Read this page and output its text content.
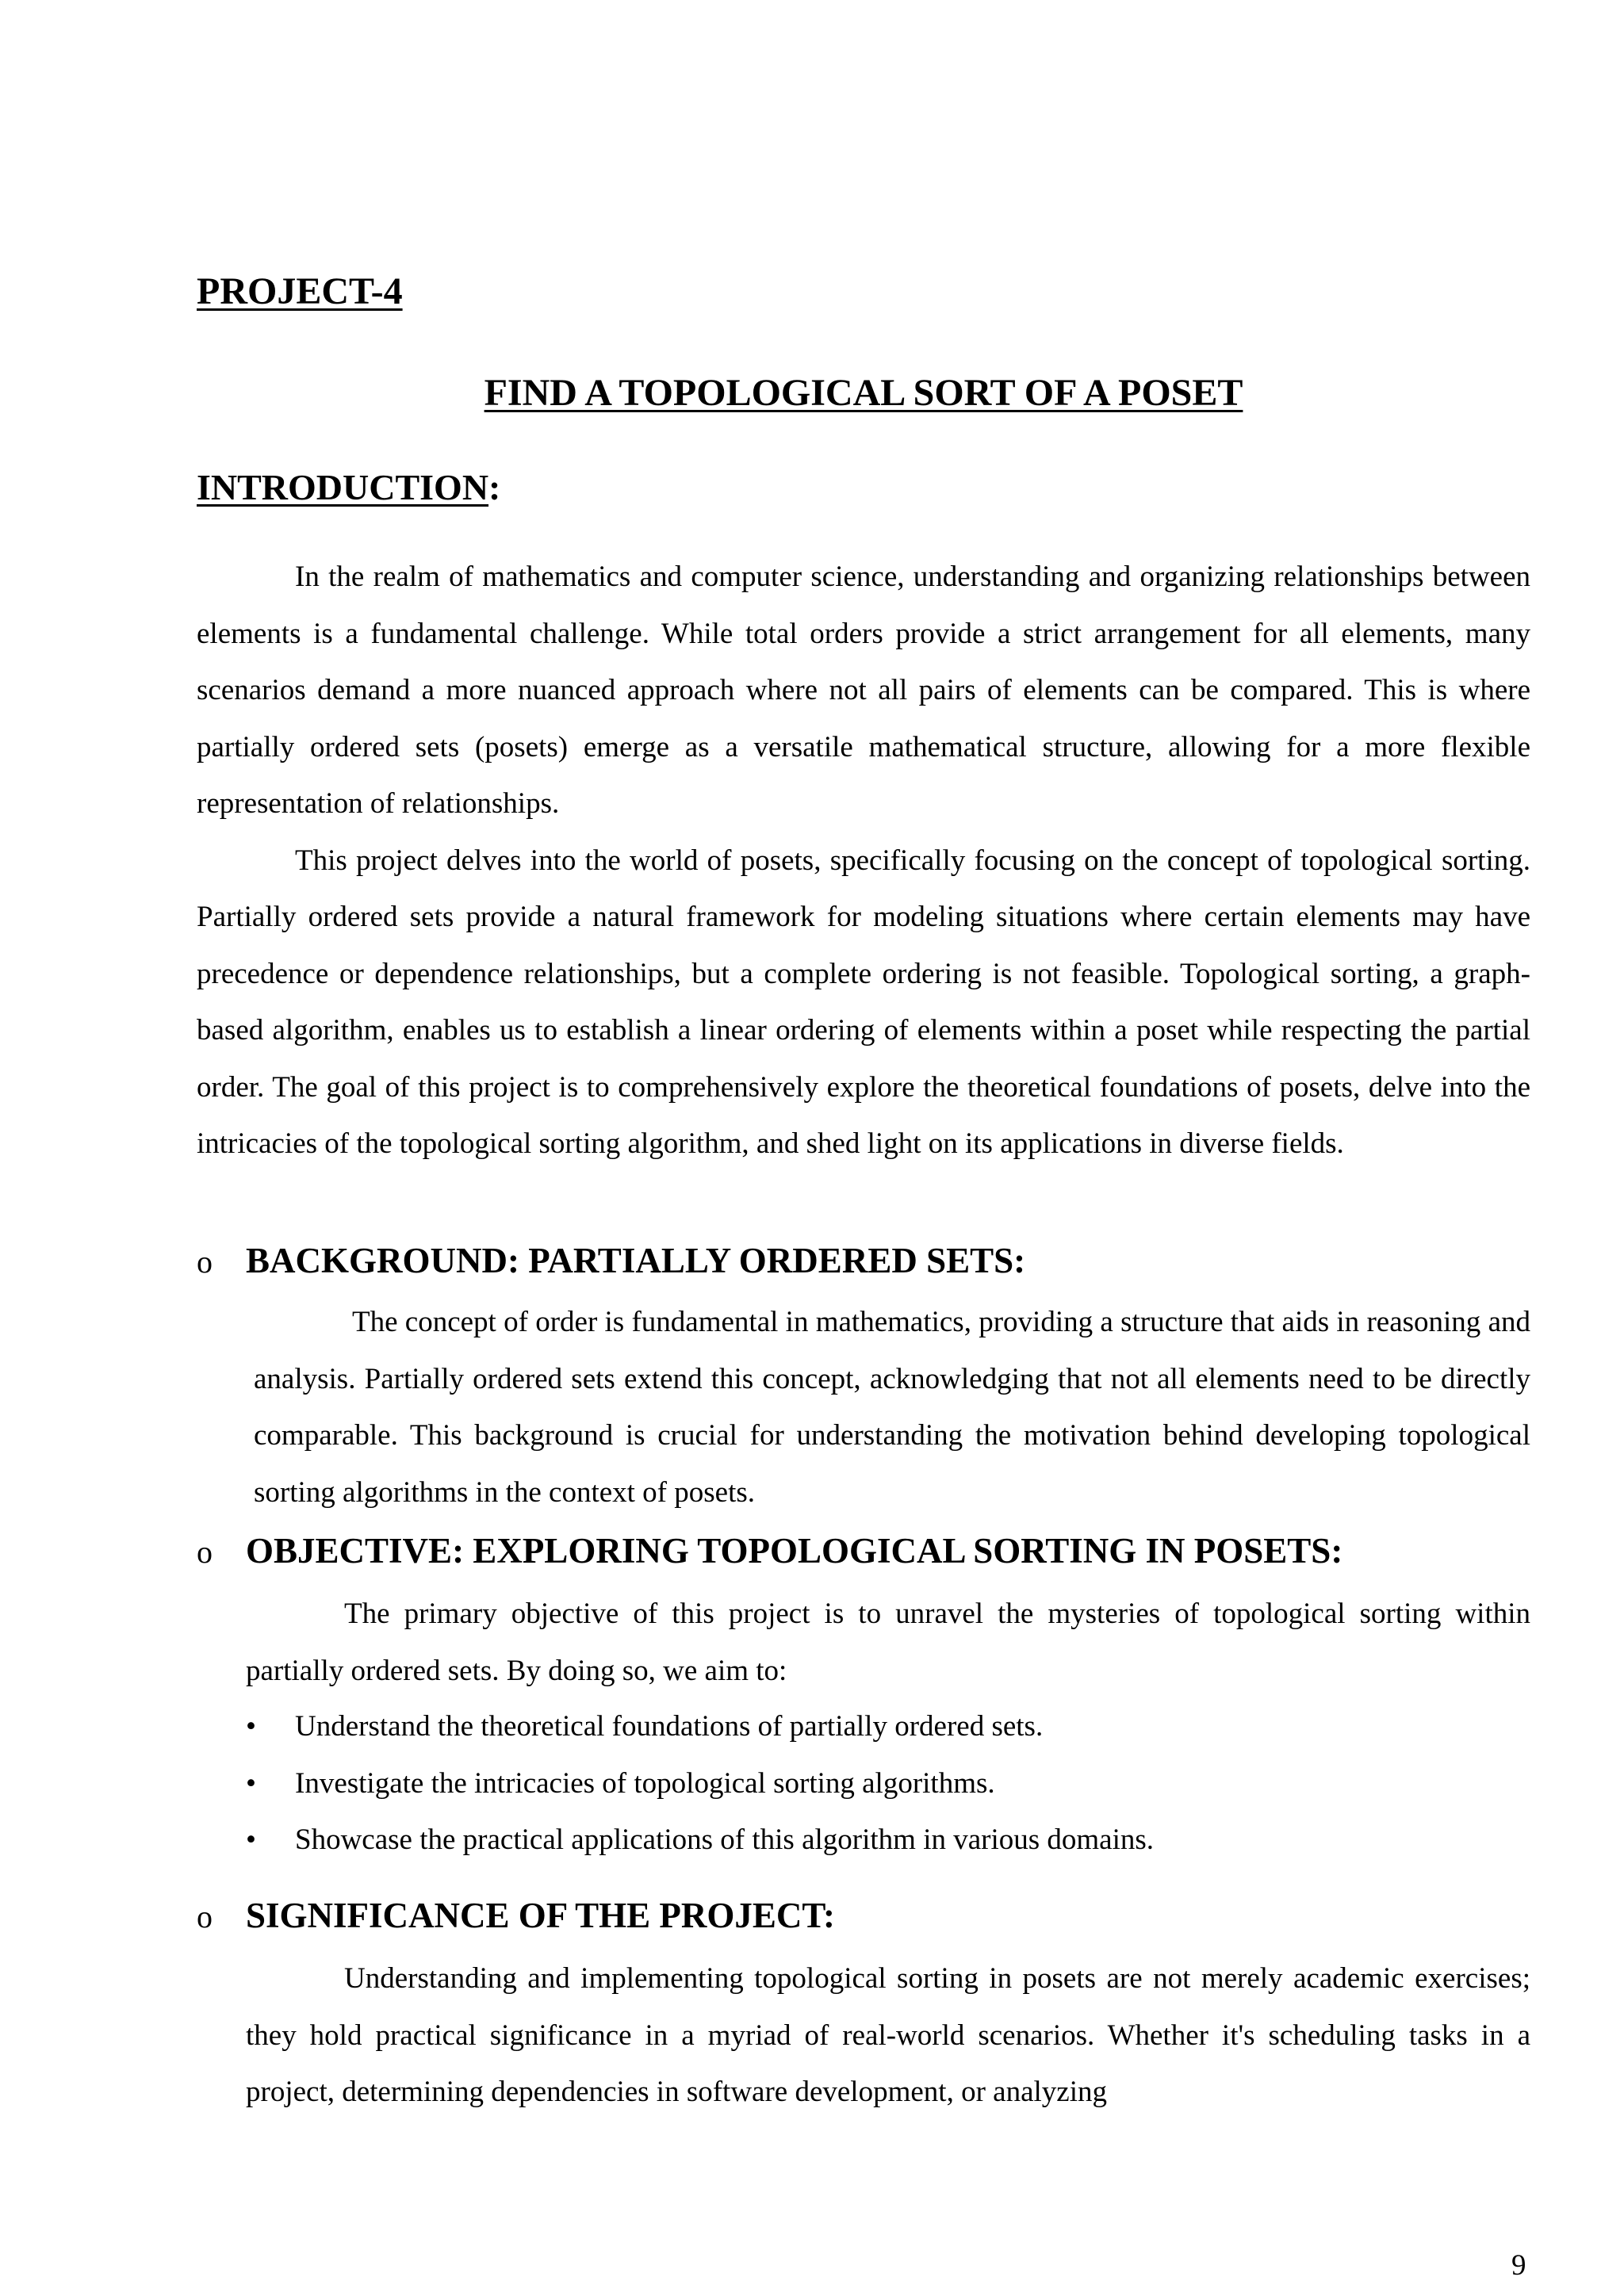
PROJECT-4
FIND A TOPOLOGICAL SORT OF A POSET
INTRODUCTION:

In the realm of mathematics and computer science, understanding and organizing relationships between elements is a fundamental challenge. While total orders provide a strict arrangement for all elements, many scenarios demand a more nuanced approach where not all pairs of elements can be compared. This is where partially ordered sets (posets) emerge as a versatile mathematical structure, allowing for a more flexible representation of relationships.

This project delves into the world of posets, specifically focusing on the concept of topological sorting. Partially ordered sets provide a natural framework for modeling situations where certain elements may have precedence or dependence relationships, but a complete ordering is not feasible. Topological sorting, a graph-based algorithm, enables us to establish a linear ordering of elements within a poset while respecting the partial order. The goal of this project is to comprehensively explore the theoretical foundations of posets, delve into the intricacies of the topological sorting algorithm, and shed light on its applications in diverse fields.

o BACKGROUND: PARTIALLY ORDERED SETS:

The concept of order is fundamental in mathematics, providing a structure that aids in reasoning and analysis. Partially ordered sets extend this concept, acknowledging that not all elements need to be directly comparable. This background is crucial for understanding the motivation behind developing topological sorting algorithms in the context of posets.

o OBJECTIVE: EXPLORING TOPOLOGICAL SORTING IN POSETS:

The primary objective of this project is to unravel the mysteries of topological sorting within partially ordered sets. By doing so, we aim to:

•	Understand the theoretical foundations of partially ordered sets.
•	Investigate the intricacies of topological sorting algorithms.
•	Showcase the practical applications of this algorithm in various domains.
o SIGNIFICANCE OF THE PROJECT:

Understanding and implementing topological sorting in posets are not merely academic exercises; they hold practical significance in a myriad of real-world scenarios. Whether it's scheduling tasks in a project, determining dependencies in software development, or analyzing

9
